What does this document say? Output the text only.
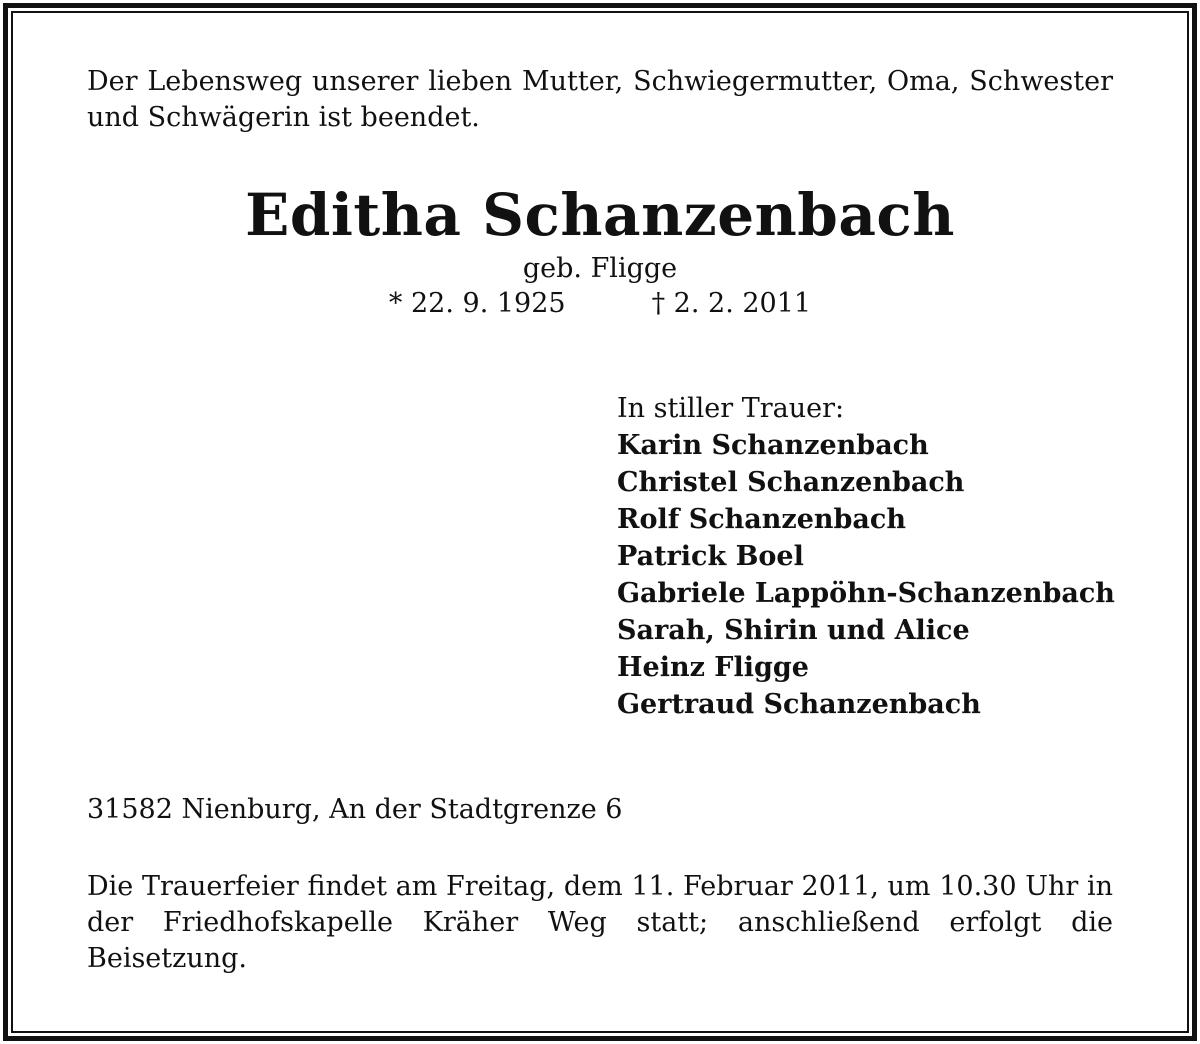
Der Lebensweg unserer lieben Mutter, Schwiegermutter, Oma, Schwester und Schwägerin ist beendet.
Editha Schanzenbach
geb. Fligge
* 22. 9. 1925	† 2. 2. 2011
In stiller Trauer:
Karin Schanzenbach
Christel Schanzenbach
Rolf Schanzenbach
Patrick Boel
Gabriele Lappöhn-Schanzenbach
Sarah, Shirin und Alice
Heinz Fligge
Gertraud Schanzenbach
31582 Nienburg, An der Stadtgrenze 6
Die Trauerfeier findet am Freitag, dem 11. Februar 2011, um 10.30 Uhr in der Friedhofskapelle Kräher Weg statt; anschließend erfolgt die Beisetzung.
